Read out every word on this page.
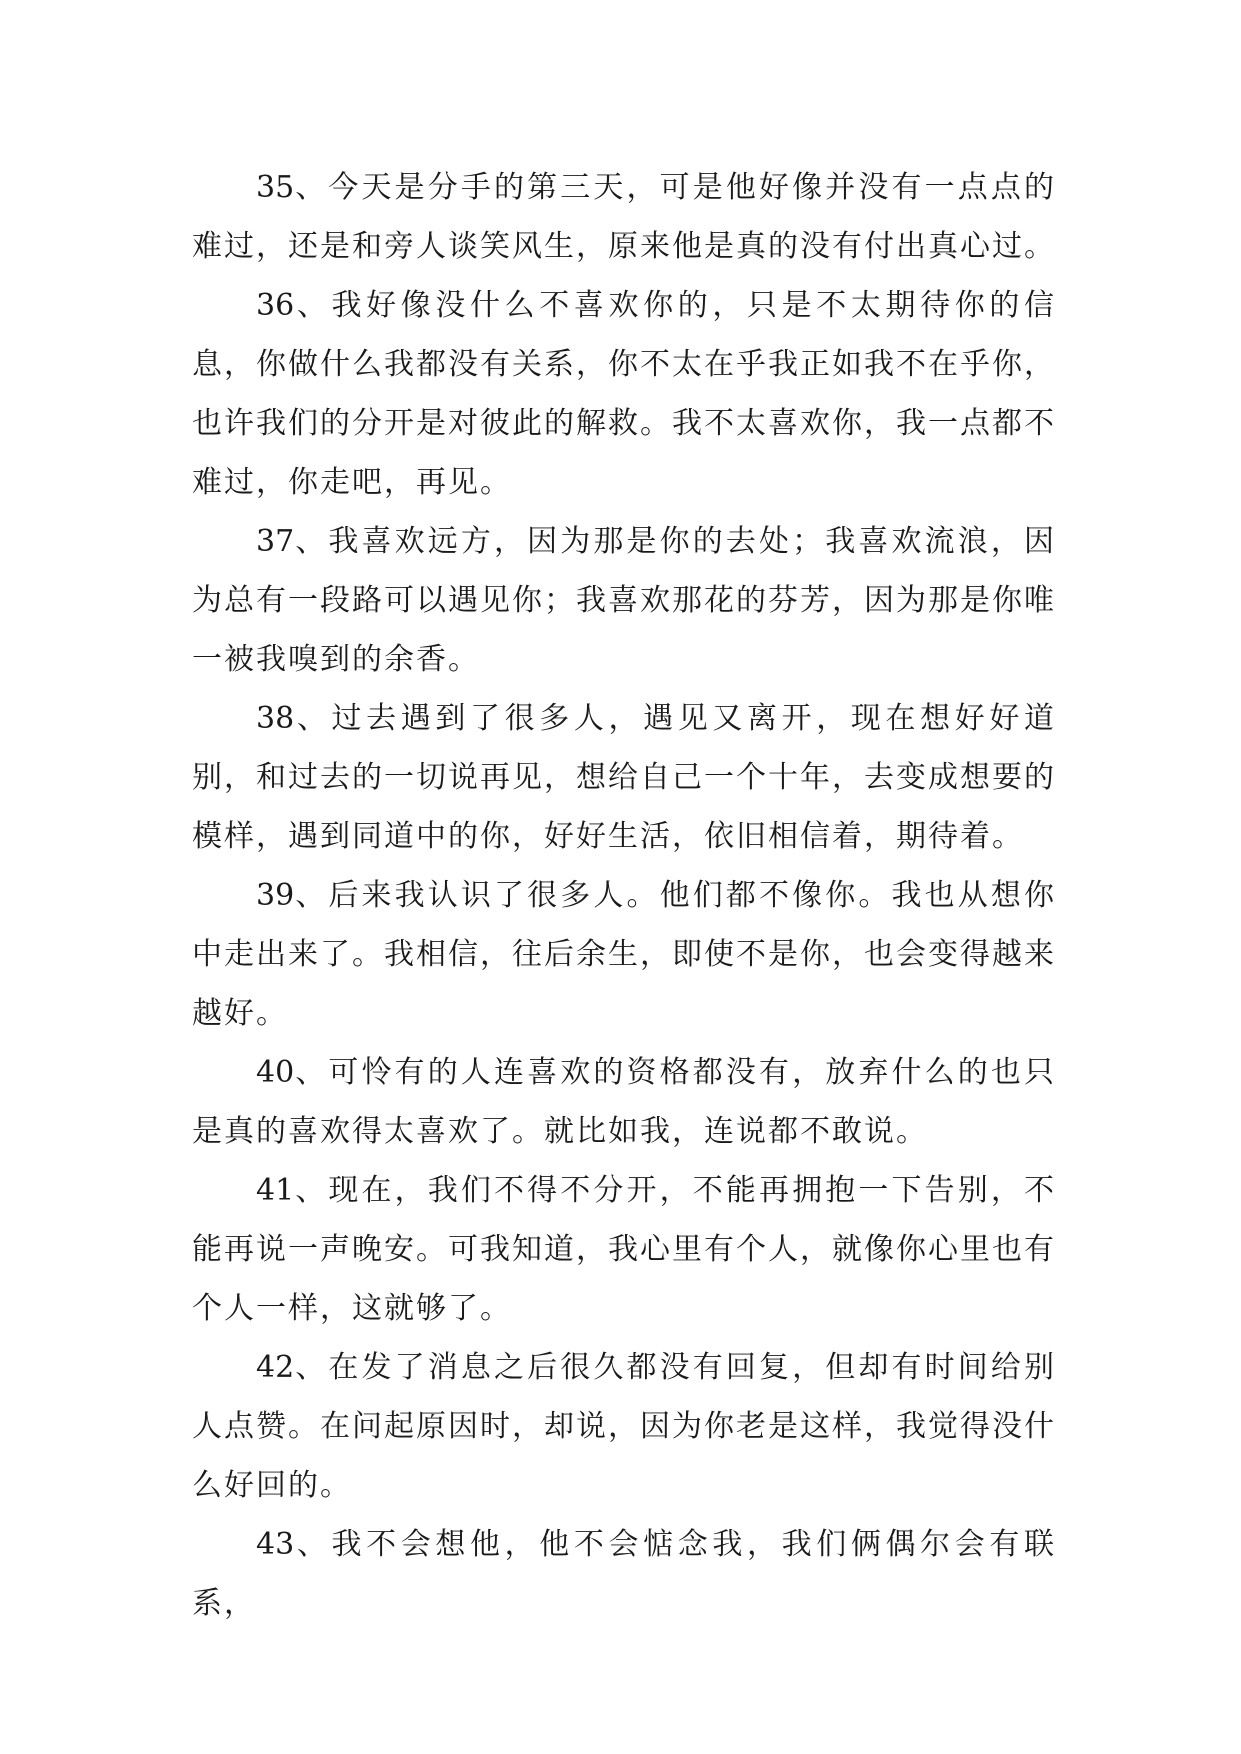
35、今天是分手的第三天，可是他好像并没有一点点的难过，还是和旁人谈笑风生，原来他是真的没有付出真心过。

36、我好像没什么不喜欢你的，只是不太期待你的信息，你做什么我都没有关系，你不太在乎我正如我不在乎你，也许我们的分开是对彼此的解救。我不太喜欢你，我一点都不难过，你走吧，再见。

37、我喜欢远方，因为那是你的去处；我喜欢流浪，因为总有一段路可以遇见你；我喜欢那花的芬芳，因为那是你唯一被我嗅到的余香。

38、过去遇到了很多人，遇见又离开，现在想好好道别，和过去的一切说再见，想给自己一个十年，去变成想要的模样，遇到同道中的你，好好生活，依旧相信着，期待着。

39、后来我认识了很多人。他们都不像你。我也从想你中走出来了。我相信，往后余生，即使不是你，也会变得越来越好。

40、可怜有的人连喜欢的资格都没有，放弃什么的也只是真的喜欢得太喜欢了。就比如我，连说都不敢说。

41、现在，我们不得不分开，不能再拥抱一下告别，不能再说一声晚安。可我知道，我心里有个人，就像你心里也有个人一样，这就够了。

42、在发了消息之后很久都没有回复，但却有时间给别人点赞。在问起原因时，却说，因为你老是这样，我觉得没什么好回的。

43、我不会想他，他不会惦念我，我们俩偶尔会有联系，
